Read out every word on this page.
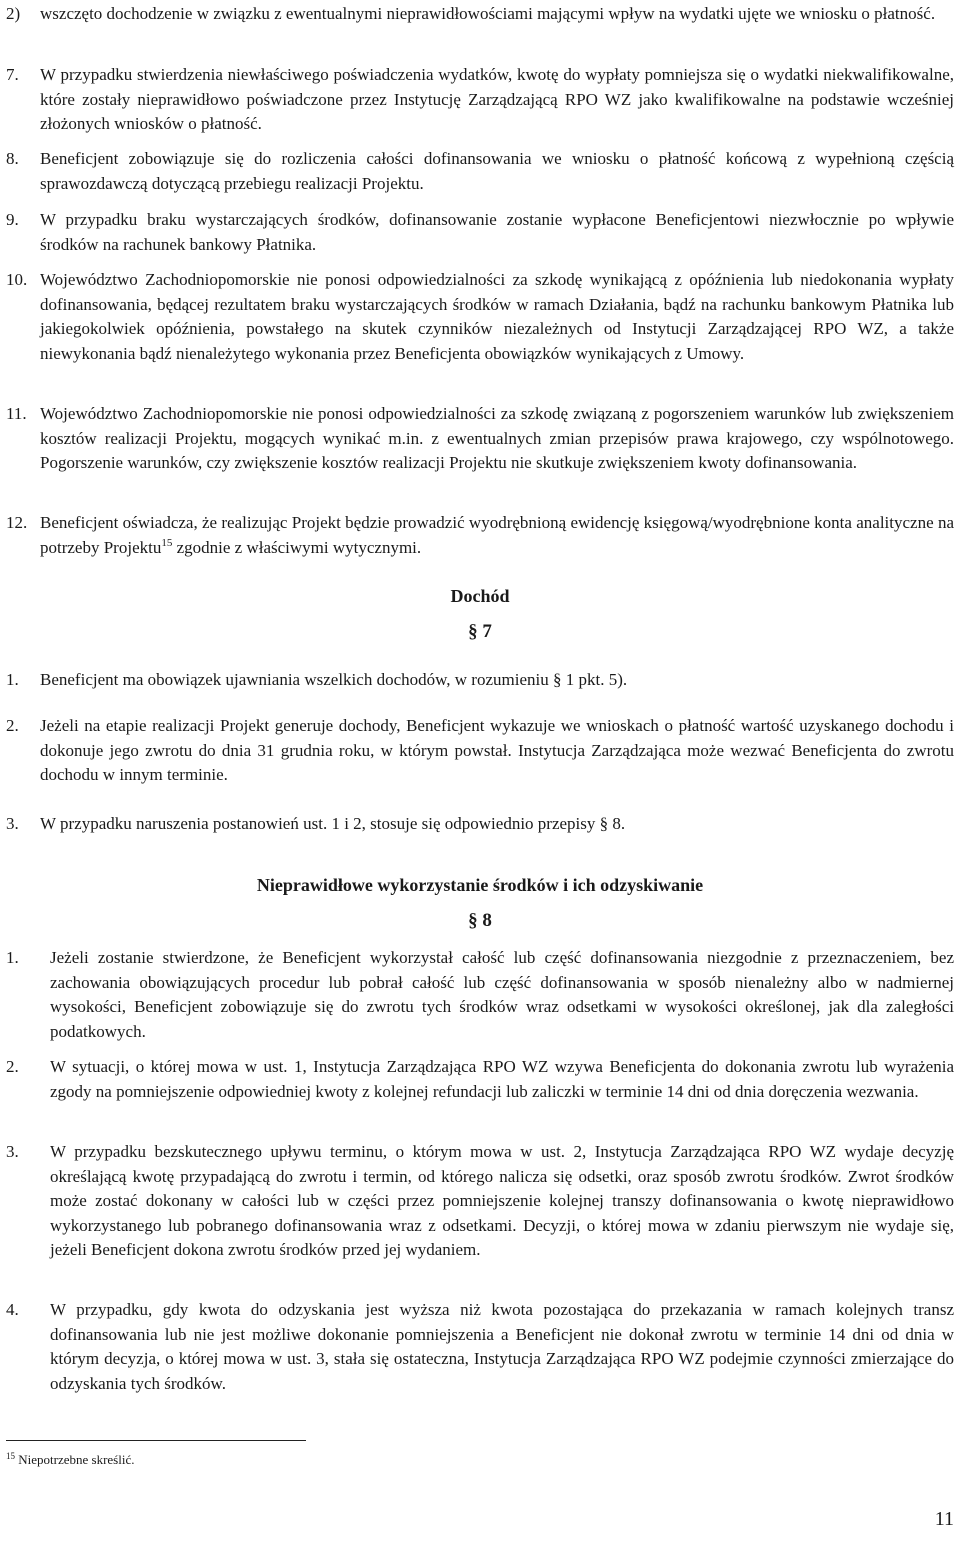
2) wszczęto dochodzenie w związku z ewentualnymi nieprawidłowościami mającymi wpływ na wydatki ujęte we wniosku o płatność.
7. W przypadku stwierdzenia niewłaściwego poświadczenia wydatków, kwotę do wypłaty pomniejsza się o wydatki niekwalifikowalne, które zostały nieprawidłowo poświadczone przez Instytucję Zarządzającą RPO WZ jako kwalifikowalne na podstawie wcześniej złożonych wniosków o płatność.
8. Beneficjent zobowiązuje się do rozliczenia całości dofinansowania we wniosku o płatność końcową z wypełnioną częścią sprawozdawczą dotyczącą przebiegu realizacji Projektu.
9. W przypadku braku wystarczających środków, dofinansowanie zostanie wypłacone Beneficjentowi niezwłocznie po wpływie środków na rachunek bankowy Płatnika.
10. Województwo Zachodniopomorskie nie ponosi odpowiedzialności za szkodę wynikającą z opóźnienia lub niedokonania wypłaty dofinansowania, będącej rezultatem braku wystarczających środków w ramach Działania, bądź na rachunku bankowym Płatnika lub jakiegokolwiek opóźnienia, powstałego na skutek czynników niezależnych od Instytucji Zarządzającej RPO WZ, a także niewykonania bądź nienależytego wykonania przez Beneficjenta obowiązków wynikających z Umowy.
11. Województwo Zachodniopomorskie nie ponosi odpowiedzialności za szkodę związaną z pogorszeniem warunków lub zwiększeniem kosztów realizacji Projektu, mogących wynikać m.in. z ewentualnych zmian przepisów prawa krajowego, czy wspólnotowego. Pogorszenie warunków, czy zwiększenie kosztów realizacji Projektu nie skutkuje zwiększeniem kwoty dofinansowania.
12. Beneficjent oświadcza, że realizując Projekt będzie prowadzić wyodrębnioną ewidencję księgową/wyodrębnione konta analityczne na potrzeby Projektu$^{15}$ zgodnie z właściwymi wytycznymi.
Dochód
§ 7
1. Beneficjent ma obowiązek ujawniania wszelkich dochodów, w rozumieniu § 1 pkt. 5).
2. Jeżeli na etapie realizacji Projekt generuje dochody, Beneficjent wykazuje we wnioskach o płatność wartość uzyskanego dochodu i dokonuje jego zwrotu do dnia 31 grudnia roku, w którym powstał. Instytucja Zarządzająca może wezwać Beneficjenta do zwrotu dochodu w innym terminie.
3. W przypadku naruszenia postanowień ust. 1 i 2, stosuje się odpowiednio przepisy § 8.
Nieprawidłowe wykorzystanie środków i ich odzyskiwanie
§ 8
1. Jeżeli zostanie stwierdzone, że Beneficjent wykorzystał całość lub część dofinansowania niezgodnie z przeznaczeniem, bez zachowania obowiązujących procedur lub pobrał całość lub część dofinansowania w sposób nienależny albo w nadmiernej wysokości, Beneficjent zobowiązuje się do zwrotu tych środków wraz odsetkami w wysokości określonej, jak dla zaległości podatkowych.
2. W sytuacji, o której mowa w ust. 1, Instytucja Zarządzająca RPO WZ wzywa Beneficjenta do dokonania zwrotu lub wyrażenia zgody na pomniejszenie odpowiedniej kwoty z kolejnej refundacji lub zaliczki w terminie 14 dni od dnia doręczenia wezwania.
3. W przypadku bezskutecznego upływu terminu, o którym mowa w ust. 2, Instytucja Zarządzająca RPO WZ wydaje decyzję określającą kwotę przypadającą do zwrotu i termin, od którego nalicza się odsetki, oraz sposób zwrotu środków. Zwrot środków może zostać dokonany w całości lub w części przez pomniejszenie kolejnej transzy dofinansowania o kwotę nieprawidłowo wykorzystanego lub pobranego dofinansowania wraz z odsetkami. Decyzji, o której mowa w zdaniu pierwszym nie wydaje się, jeżeli Beneficjent dokona zwrotu środków przed jej wydaniem.
4. W przypadku, gdy kwota do odzyskania jest wyższa niż kwota pozostająca do przekazania w ramach kolejnych transz dofinansowania lub nie jest możliwe dokonanie pomniejszenia a Beneficjent nie dokonał zwrotu w terminie 14 dni od dnia w którym decyzja, o której mowa w ust. 3, stała się ostateczna, Instytucja Zarządzająca RPO WZ podejmie czynności zmierzające do odzyskania tych środków.
$^{15}$ Niepotrzebne skreślić.
11
